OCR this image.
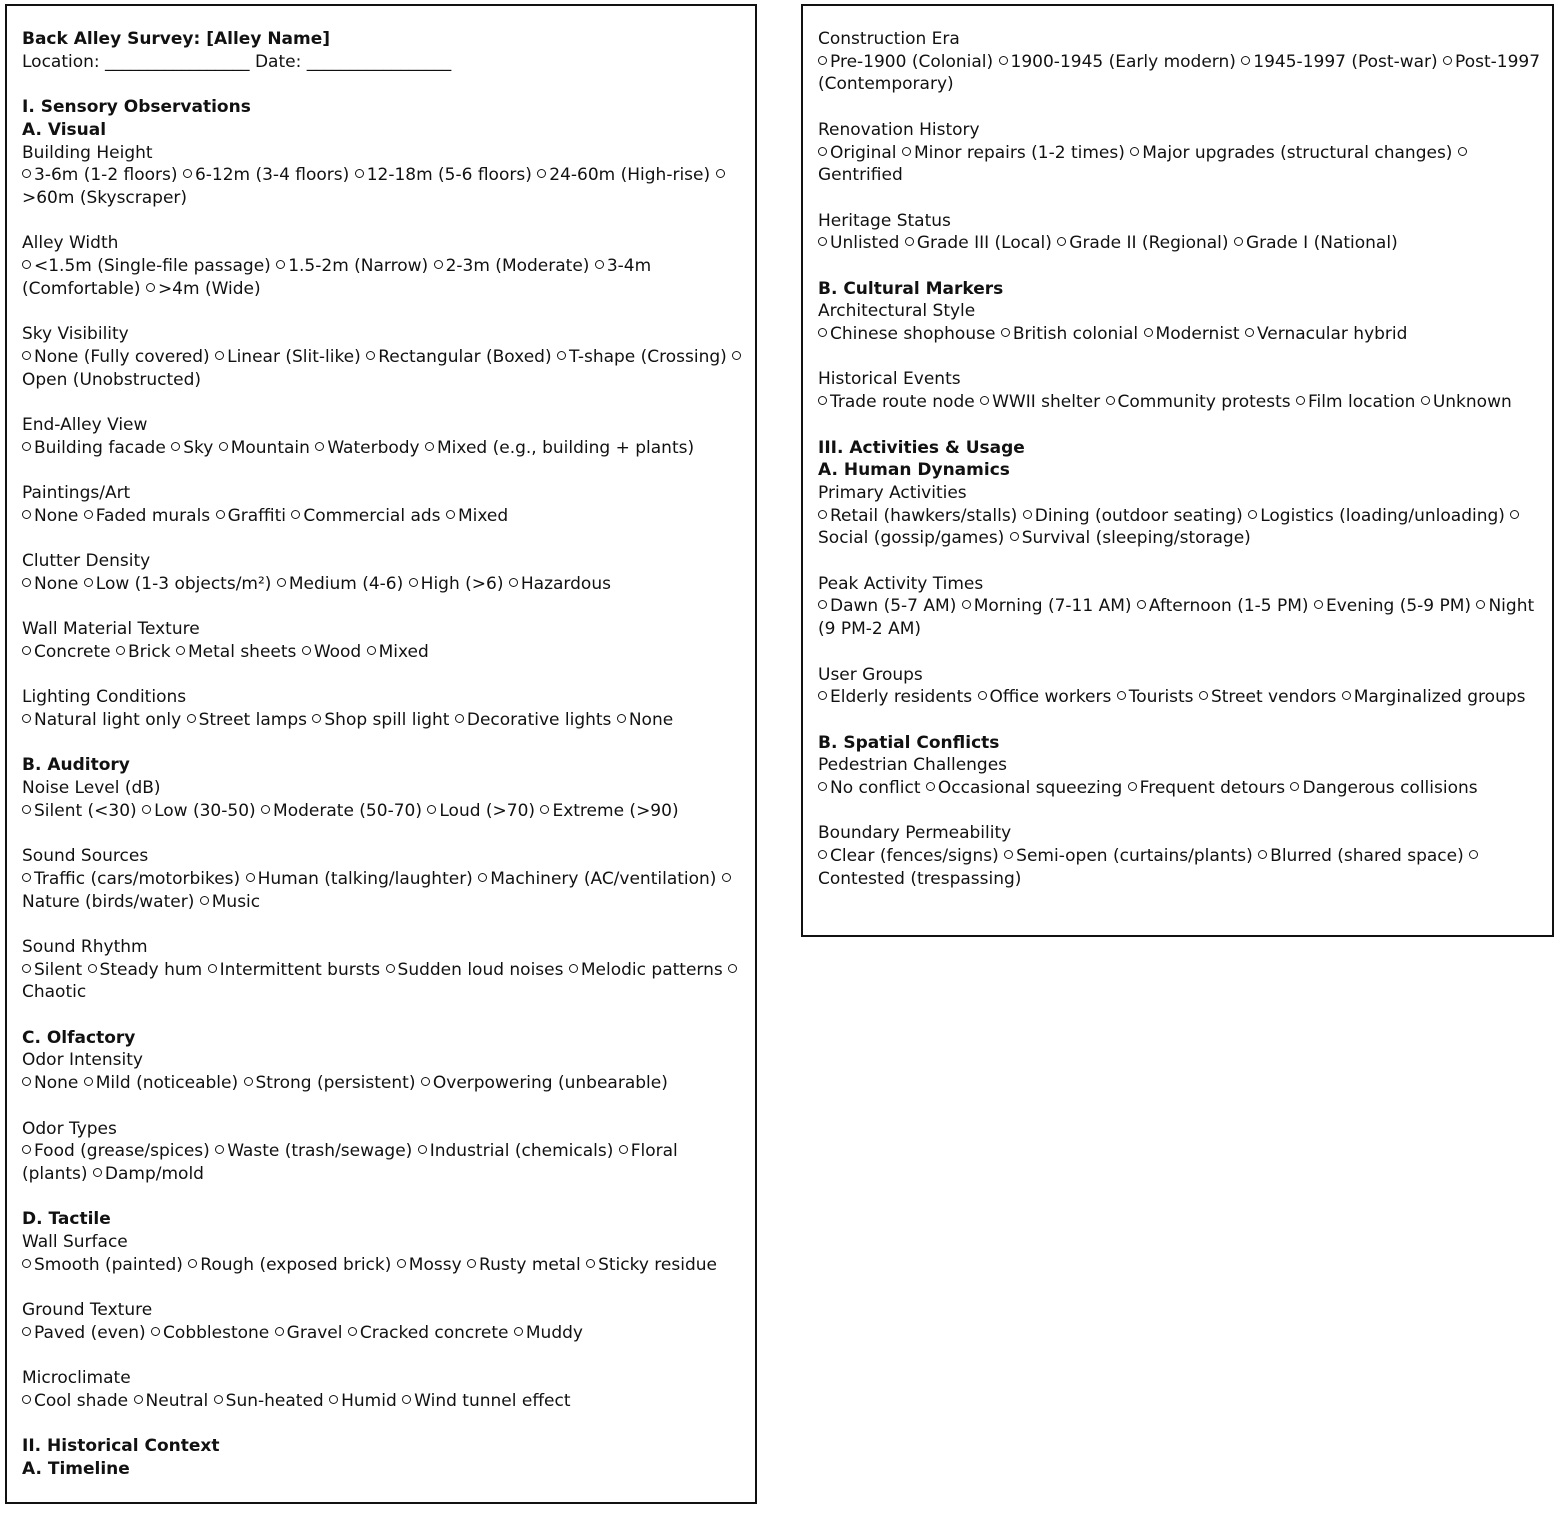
Back Alley Survey: [Alley Name]
Location: _________________ Date: _________________
I. Sensory Observations
A. Visual
Building Height
3-6m (1-2 floors) 6-12m (3-4 floors) 12-18m (5-6 floors) 24-60m (High-rise) >60m (Skyscraper)
Alley Width
<1.5m (Single-file passage) 1.5-2m (Narrow) 2-3m (Moderate) 3-4m (Comfortable) >4m (Wide)
Sky Visibility
None (Fully covered) Linear (Slit-like) Rectangular (Boxed) T-shape (Crossing) Open (Unobstructed)
End-Alley View
Building facade Sky Mountain Waterbody Mixed (e.g., building + plants)
Paintings/Art
None Faded murals Graffiti Commercial ads Mixed
Clutter Density
None Low (1-3 objects/m²) Medium (4-6) High (>6) Hazardous
Wall Material Texture
Concrete Brick Metal sheets Wood Mixed
Lighting Conditions
Natural light only Street lamps Shop spill light Decorative lights None
B. Auditory
Noise Level (dB)
Silent (<30) Low (30-50) Moderate (50-70) Loud (>70) Extreme (>90)
Sound Sources
Traffic (cars/motorbikes) Human (talking/laughter) Machinery (AC/ventilation) Nature (birds/water) Music
Sound Rhythm
Silent Steady hum Intermittent bursts Sudden loud noises Melodic patterns Chaotic
C. Olfactory
Odor Intensity
None Mild (noticeable) Strong (persistent) Overpowering (unbearable)
Odor Types
Food (grease/spices) Waste (trash/sewage) Industrial (chemicals) Floral (plants) Damp/mold
D. Tactile
Wall Surface
Smooth (painted) Rough (exposed brick) Mossy Rusty metal Sticky residue
Ground Texture
Paved (even) Cobblestone Gravel Cracked concrete Muddy
Microclimate
Cool shade Neutral Sun-heated Humid Wind tunnel effect
II. Historical Context
A. Timeline
Construction Era
Pre-1900 (Colonial) 1900-1945 (Early modern) 1945-1997 (Post-war) Post-1997 (Contemporary)
Renovation History
Original Minor repairs (1-2 times) Major upgrades (structural changes) Gentrified
Heritage Status
Unlisted Grade III (Local) Grade II (Regional) Grade I (National)
B. Cultural Markers
Architectural Style
Chinese shophouse British colonial Modernist Vernacular hybrid
Historical Events
Trade route node WWII shelter Community protests Film location Unknown
III. Activities & Usage
A. Human Dynamics
Primary Activities
Retail (hawkers/stalls) Dining (outdoor seating) Logistics (loading/unloading) Social (gossip/games) Survival (sleeping/storage)
Peak Activity Times
Dawn (5-7 AM) Morning (7-11 AM) Afternoon (1-5 PM) Evening (5-9 PM) Night (9 PM-2 AM)
User Groups
Elderly residents Office workers Tourists Street vendors Marginalized groups
B. Spatial Conflicts
Pedestrian Challenges
No conflict Occasional squeezing Frequent detours Dangerous collisions
Boundary Permeability
Clear (fences/signs) Semi-open (curtains/plants) Blurred (shared space) Contested (trespassing)
